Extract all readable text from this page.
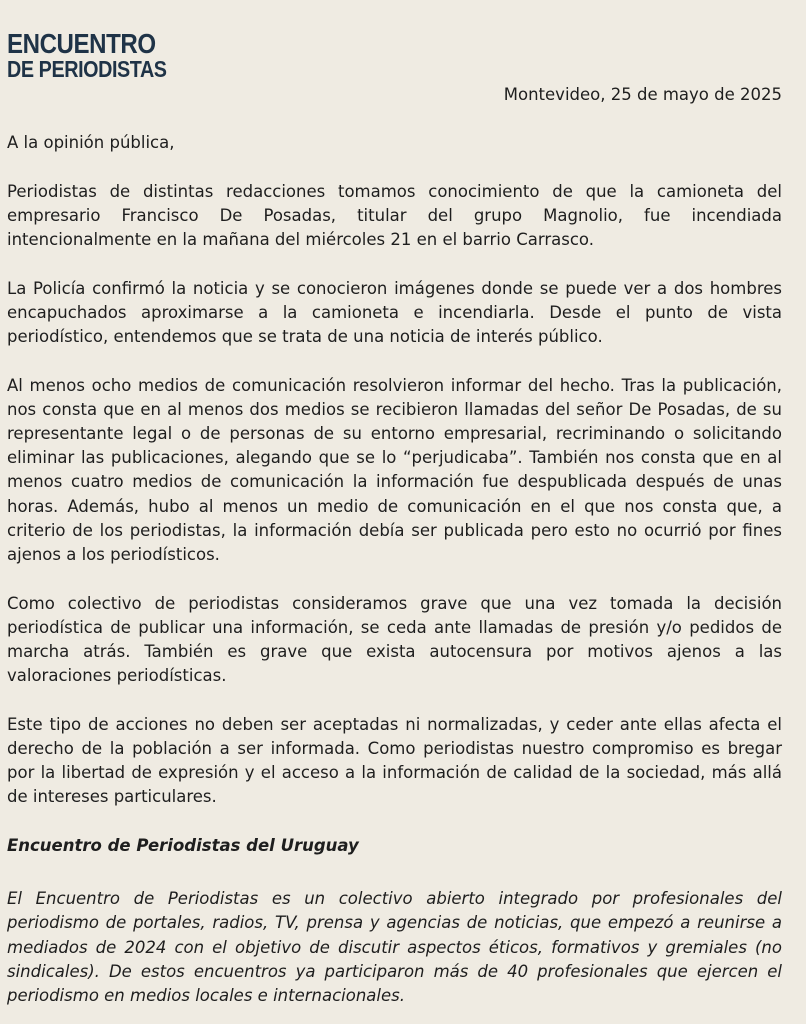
ENCUENTRO
DE PERIODISTAS
Montevideo, 25 de mayo de 2025

A la opinión pública,

Periodistas de distintas redacciones tomamos conocimiento de que la camioneta del empresario Francisco De Posadas, titular del grupo Magnolio, fue incendiada intencionalmente en la mañana del miércoles 21 en el barrio Carrasco.

La Policía confirmó la noticia y se conocieron imágenes donde se puede ver a dos hombres encapuchados aproximarse a la camioneta e incendiarla. Desde el punto de vista periodístico, entendemos que se trata de una noticia de interés público.

Al menos ocho medios de comunicación resolvieron informar del hecho. Tras la publicación, nos consta que en al menos dos medios se recibieron llamadas del señor De Posadas, de su representante legal o de personas de su entorno empresarial, recriminando o solicitando eliminar las publicaciones, alegando que se lo “perjudicaba”. También nos consta que en al menos cuatro medios de comunicación la información fue despublicada después de unas horas. Además, hubo al menos un medio de comunicación en el que nos consta que, a criterio de los periodistas, la información debía ser publicada pero esto no ocurrió por fines ajenos a los periodísticos.

Como colectivo de periodistas consideramos grave que una vez tomada la decisión periodística de publicar una información, se ceda ante llamadas de presión y/o pedidos de marcha atrás. También es grave que exista autocensura por motivos ajenos a las valoraciones periodísticas.

Este tipo de acciones no deben ser aceptadas ni normalizadas, y ceder ante ellas afecta el derecho de la población a ser informada. Como periodistas nuestro compromiso es bregar por la libertad de expresión y el acceso a la información de calidad de la sociedad, más allá de intereses particulares.

Encuentro de Periodistas del Uruguay

El Encuentro de Periodistas es un colectivo abierto integrado por profesionales del periodismo de portales, radios, TV, prensa y agencias de noticias, que empezó a reunirse a mediados de 2024 con el objetivo de discutir aspectos éticos, formativos y gremiales (no sindicales). De estos encuentros ya participaron más de 40 profesionales que ejercen el periodismo en medios locales e internacionales.
